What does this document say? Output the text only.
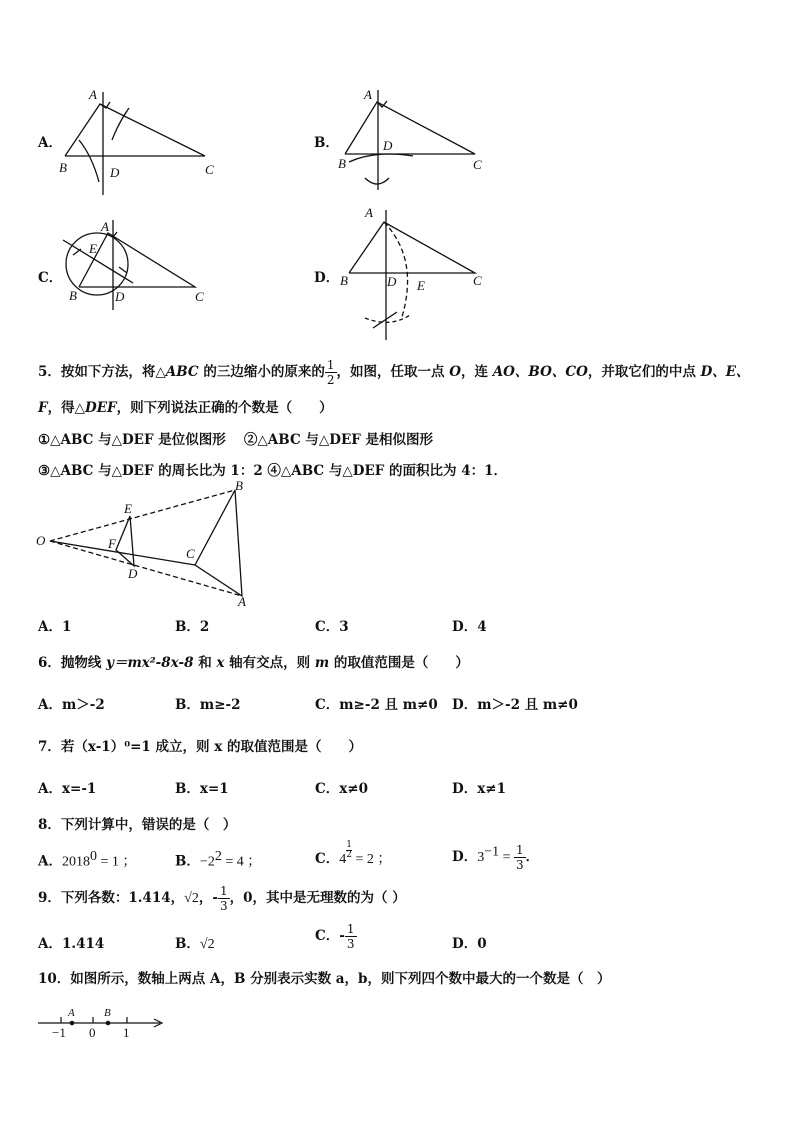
A．
A
B	D	C
B．
A
B
D
C
C．
A
E
B	D	C
D．
A
B	D E	C
5．按如下方法，将△ABC 的三边缩小的原来的 $\frac{1}{2}$ ，如图，任取一点 O，连 AO、BO、CO，并取它们的中点 D、E、
F，得△DEF，则下列说法正确的个数是（　　）
①△ABC 与△DEF 是位似图形　 ②△ABC 与△DEF 是相似图形
③△ABC 与△DEF 的周长比为 1：2 ④△ABC 与△DEF 的面积比为 4：1．
O
E
F
D
C
B
A
A．1	B．2	C．3	D．4
6．抛物线 y＝mx²-8x-8 和 x 轴有交点，则 m 的取值范围是（　　）
A．m＞-2	B．m≥-2	C．m≥-2 且 m≠0 D．m＞-2 且 m≠0
7．若（x-1）⁰=1 成立，则 x 的取值范围是（　　）
A．x=-1	B．x=1	C．x≠0	D．x≠1
8．下列计算中，错误的是（　）
A．20180 = 1 ；	B．−22 = 4 ；	C．$4 \frac{1}{2} = 2$ ；	D．$3-1 = \frac{1}{3}$ ．
9．下列各数：1.414，√2，- $\frac{1}{3}$ ，0，其中是无理数的为（ ）
A．1.414	B．√2
C．- $\frac{1}{3}$	D．0
10．如图所示，数轴上两点 A，B 分别表示实数 a，b，则下列四个数中最大的一个数是（　）
A	B
−1 0 1
